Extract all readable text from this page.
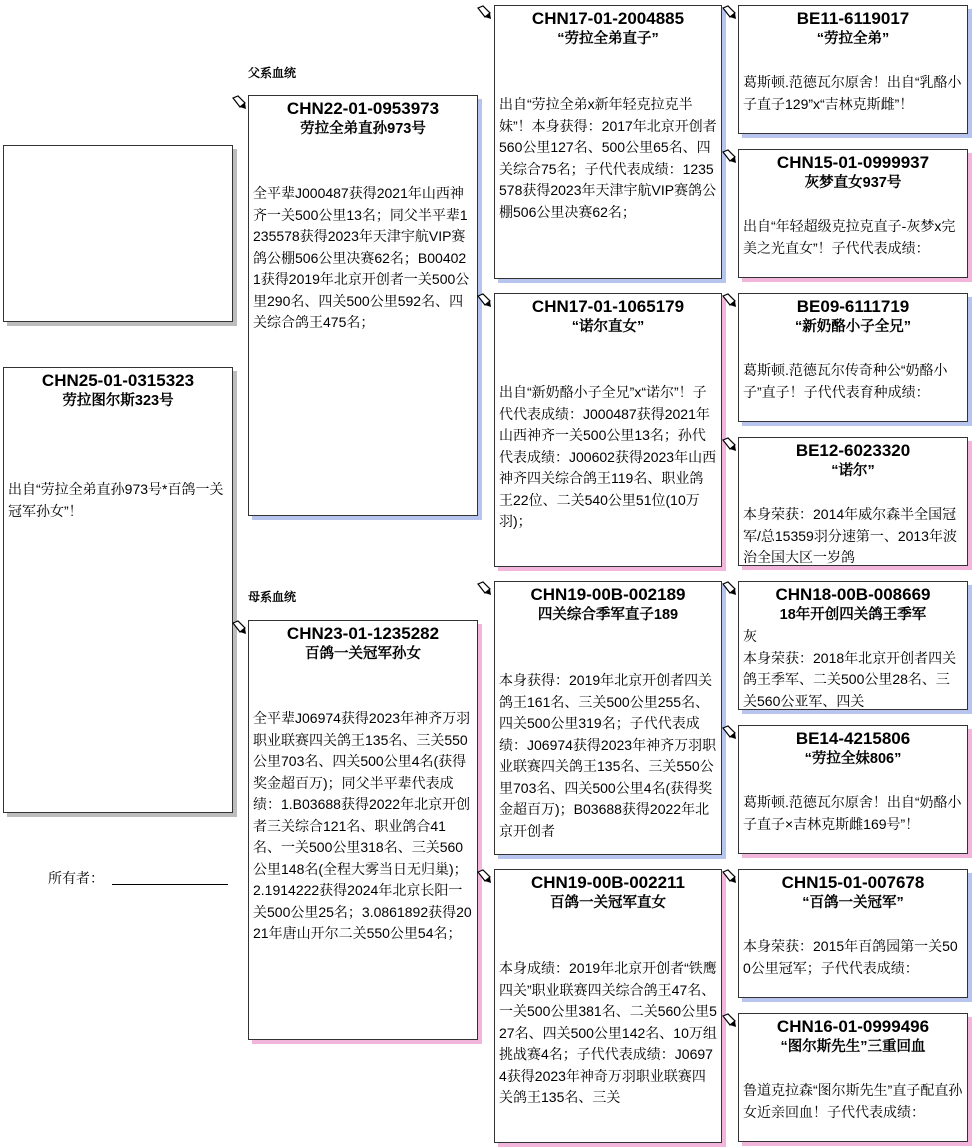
CHN25-01-0315323
劳拉图尔斯323号
出自“劳拉全弟直孙973号*百鸽一关冠军孙女”！
所有者：
父系血统
母系血统
CHN22-01-0953973
劳拉全弟直孙973号
全平辈J000487获得2021年山西神齐一关500公里13名；同父半平辈1235578获得2023年天津宇航VIP赛鸽公棚506公里决赛62名；B004021获得2019年北京开创者一关500公里290名、四关500公里592名、四关综合鸽王475名；
CHN23-01-1235282
百鸽一关冠军孙女
全平辈J06974获得2023年神齐万羽职业联赛四关鸽王135名、三关550公里703名、四关500公里4名(获得奖金超百万)；同父半平辈代表成绩：1.B03688获得2022年北京开创者三关综合121名、职业鸽合41名、一关500公里318名、三关560公里148名(全程大雾当日无归巢)；2.1914222获得2024年北京长阳一关500公里25名；3.0861892获得2021年唐山开尔二关550公里54名；
CHN17-01-2004885
“劳拉全弟直子”
出自“劳拉全弟x新年轻克拉克半妹”！本身获得：2017年北京开创者560公里127名、500公里65名、四关综合75名；子代代表成绩：1235578获得2023年天津宇航VIP赛鸽公棚506公里决赛62名；
CHN17-01-1065179
“诺尔直女”
出自“新奶酪小子全兄”x“诺尔”！子代代表成绩：J000487获得2021年山西神齐一关500公里13名；孙代代表成绩：J00602获得2023年山西神齐四关综合鸽王119名、职业鸽王22位、二关540公里51位(10万羽)；
CHN19-00B-002189
四关综合季军直子189
本身获得：2019年北京开创者四关鸽王161名、三关500公里255名、四关500公里319名；子代代表成绩：J06974获得2023年神齐万羽职业联赛四关鸽王135名、三关550公里703名、四关500公里4名(获得奖金超百万)；B03688获得2022年北京开创者
CHN19-00B-002211
百鸽一关冠军直女
本身成绩：2019年北京开创者“铁鹰四关”职业联赛四关综合鸽王47名、一关500公里381名、二关560公里527名、四关500公里142名、10万组挑战赛4名；子代代表成绩：J06974获得2023年神奇万羽职业联赛四关鸽王135名、三关
BE11-6119017
“劳拉全弟”
葛斯顿.范德瓦尔原舍！出自“乳酪小子直子129”x“吉林克斯雌”！
CHN15-01-0999937
灰梦直女937号
出自“年轻超级克拉克直子-灰梦x完美之光直女”！子代代表成绩：
BE09-6111719
“新奶酪小子全兄”
葛斯顿.范德瓦尔传奇种公“奶酪小子”直子！子代代表育种成绩：
BE12-6023320
“诺尔”
本身荣获：2014年威尔森半全国冠军/总15359羽分速第一、2013年波治全国大区一岁鸽
CHN18-00B-008669
18年开创四关鸽王季军
灰
本身荣获：2018年北京开创者四关鸽王季军、二关500公里28名、三关560公亚军、四关
BE14-4215806
“劳拉全妹806”
葛斯顿.范德瓦尔原舍！出自“奶酪小子直子×吉林克斯雌169号”！
CHN15-01-007678
“百鸽一关冠军”
本身荣获：2015年百鸽园第一关500公里冠军；子代代表成绩：
CHN16-01-0999496
“图尔斯先生”三重回血
鲁道克拉森“图尔斯先生”直子配直孙女近亲回血！子代代表成绩：
